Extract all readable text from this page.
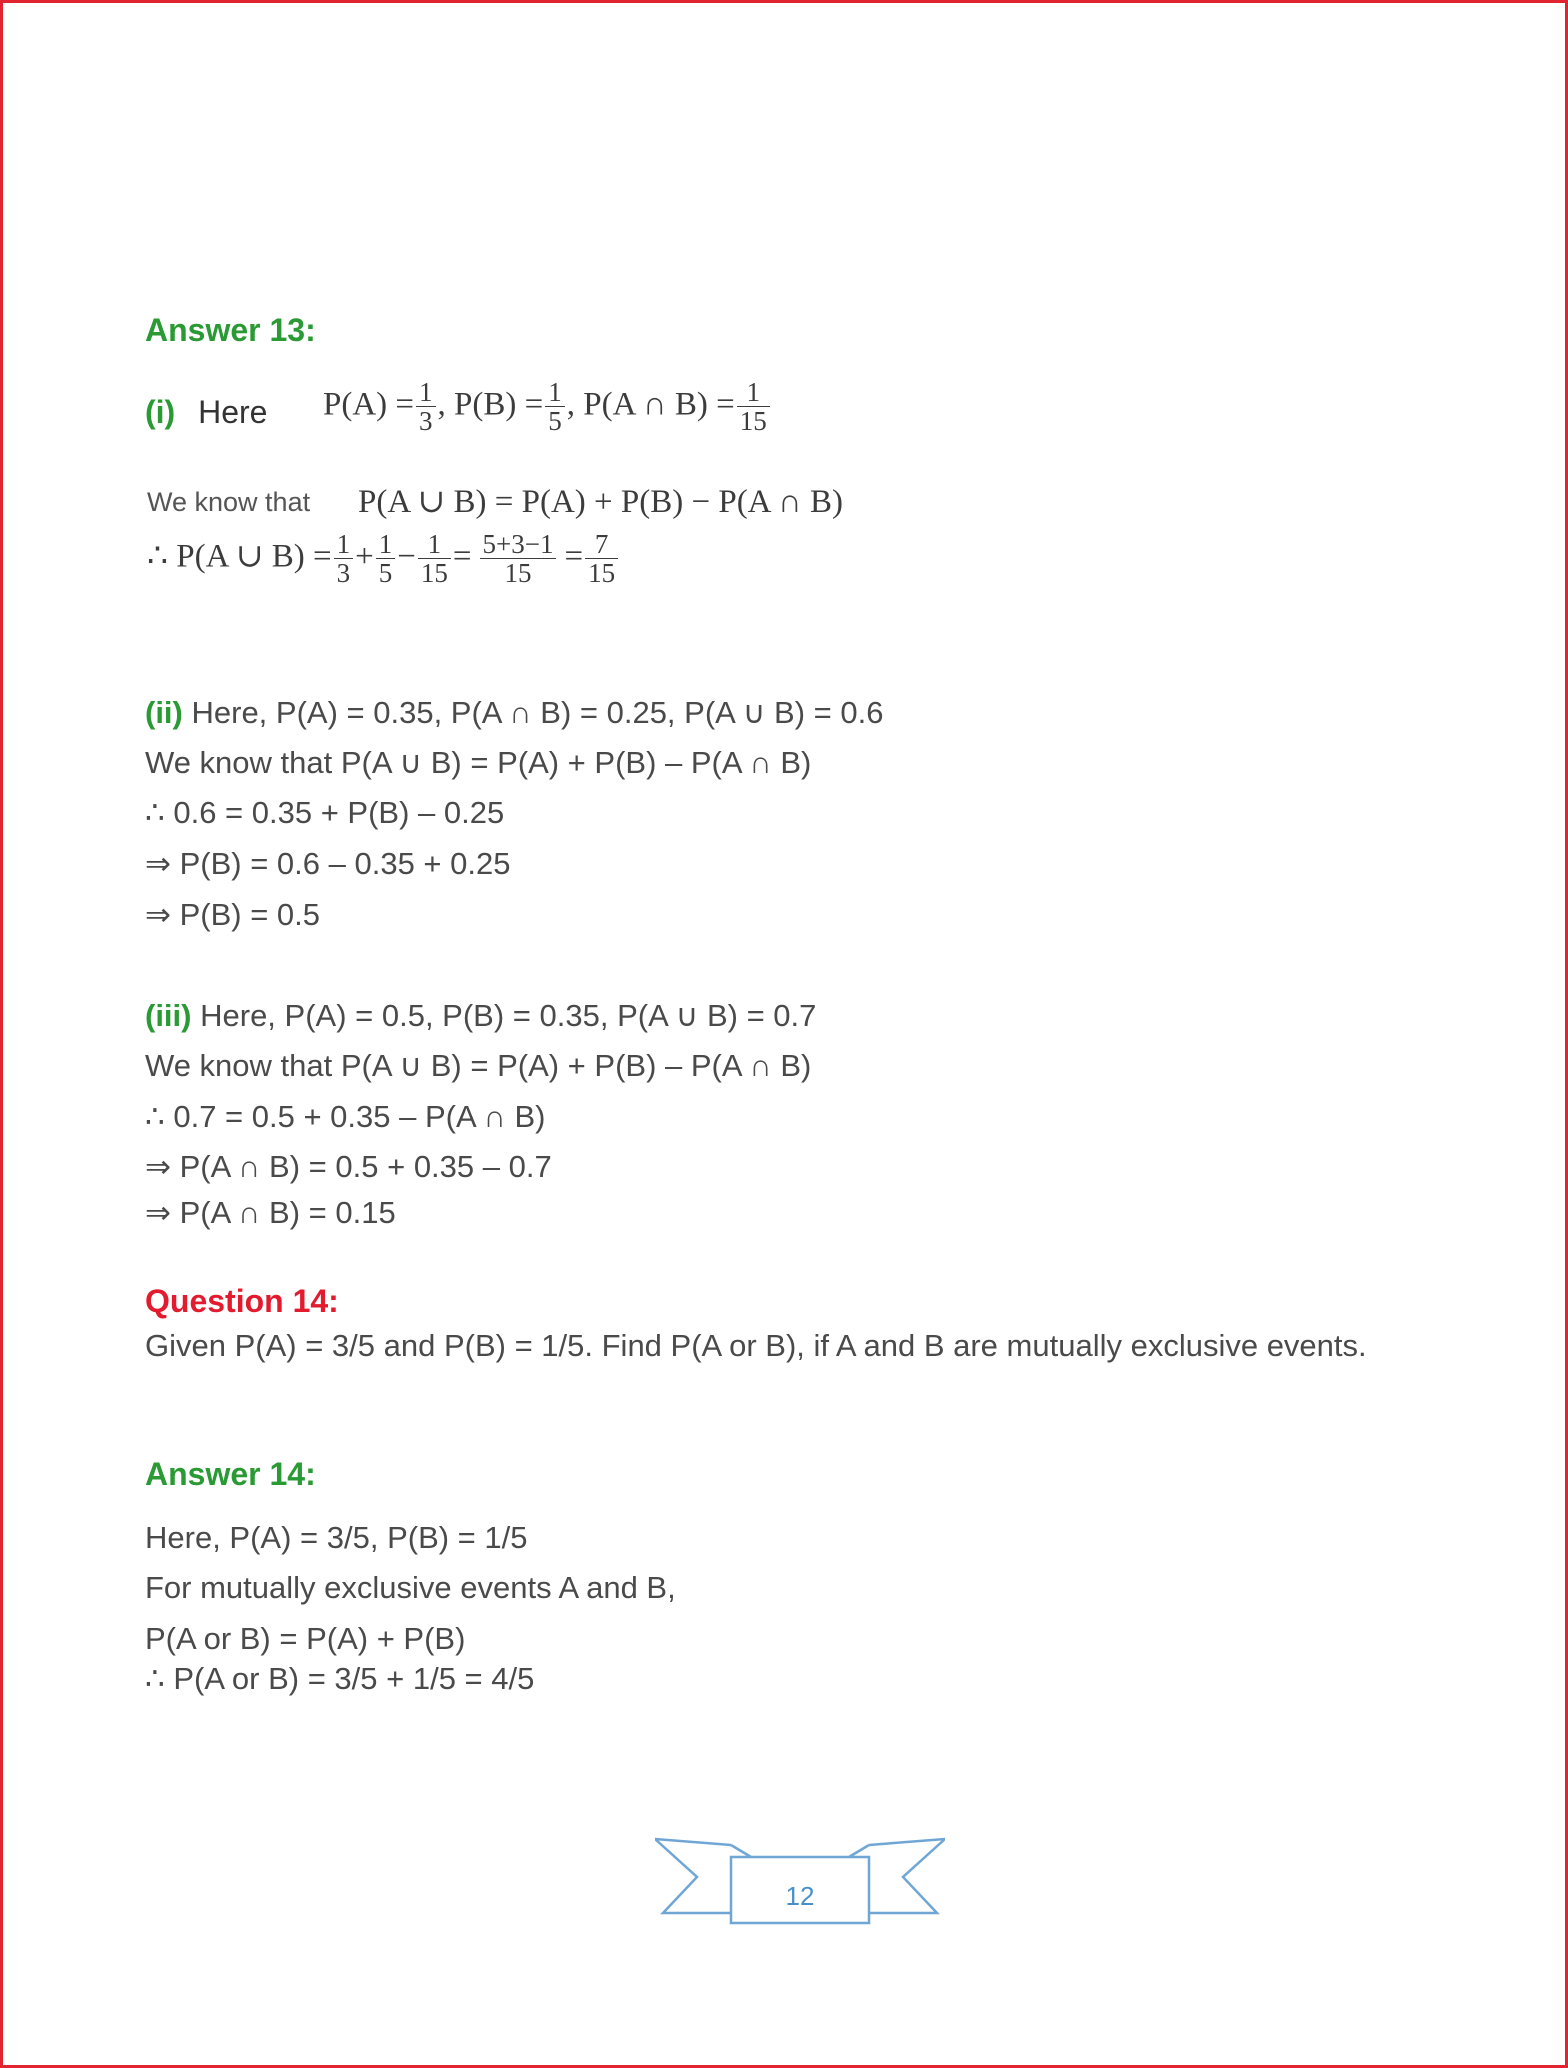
Answer 13:
(i) Here $P(A) = \frac{1}{3}$ , $P(B) = \frac{1}{5}$ , P(A ∩ $B) = \frac{1}{15}$
We know that P(A ∪ B) = P(A) + P(B) − P(A ∩ B)
∴ P(A ∪ $B) = \frac{1}{3} + \frac{1}{5} - \frac{1}{15} = \frac{5+3-1}{15} = \frac{7}{15}$
(ii) Here, P(A) = 0.35, P(A ∩ B) = 0.25, P(A ∪ B) = 0.6
We know that P(A ∪ B) = P(A) + P(B) – P(A ∩ B)
∴ 0.6 = 0.35 + P(B) – 0.25
⇒ P(B) = 0.6 – 0.35 + 0.25
⇒ P(B) = 0.5
(iii) Here, P(A) = 0.5, P(B) = 0.35, P(A ∪ B) = 0.7
We know that P(A ∪ B) = P(A) + P(B) – P(A ∩ B)
∴ 0.7 = 0.5 + 0.35 – P(A ∩ B)
⇒ P(A ∩ B) = 0.5 + 0.35 – 0.7
⇒ P(A ∩ B) = 0.15
Question 14:
Given P(A) = 3/5 and P(B) = 1/5. Find P(A or B), if A and B are mutually exclusive events.
Answer 14:
Here, P(A) = 3/5, P(B) = 1/5
For mutually exclusive events A and B,
P(A or B) = P(A) + P(B)
∴ P(A or B) = 3/5 + 1/5 = 4/5
12
